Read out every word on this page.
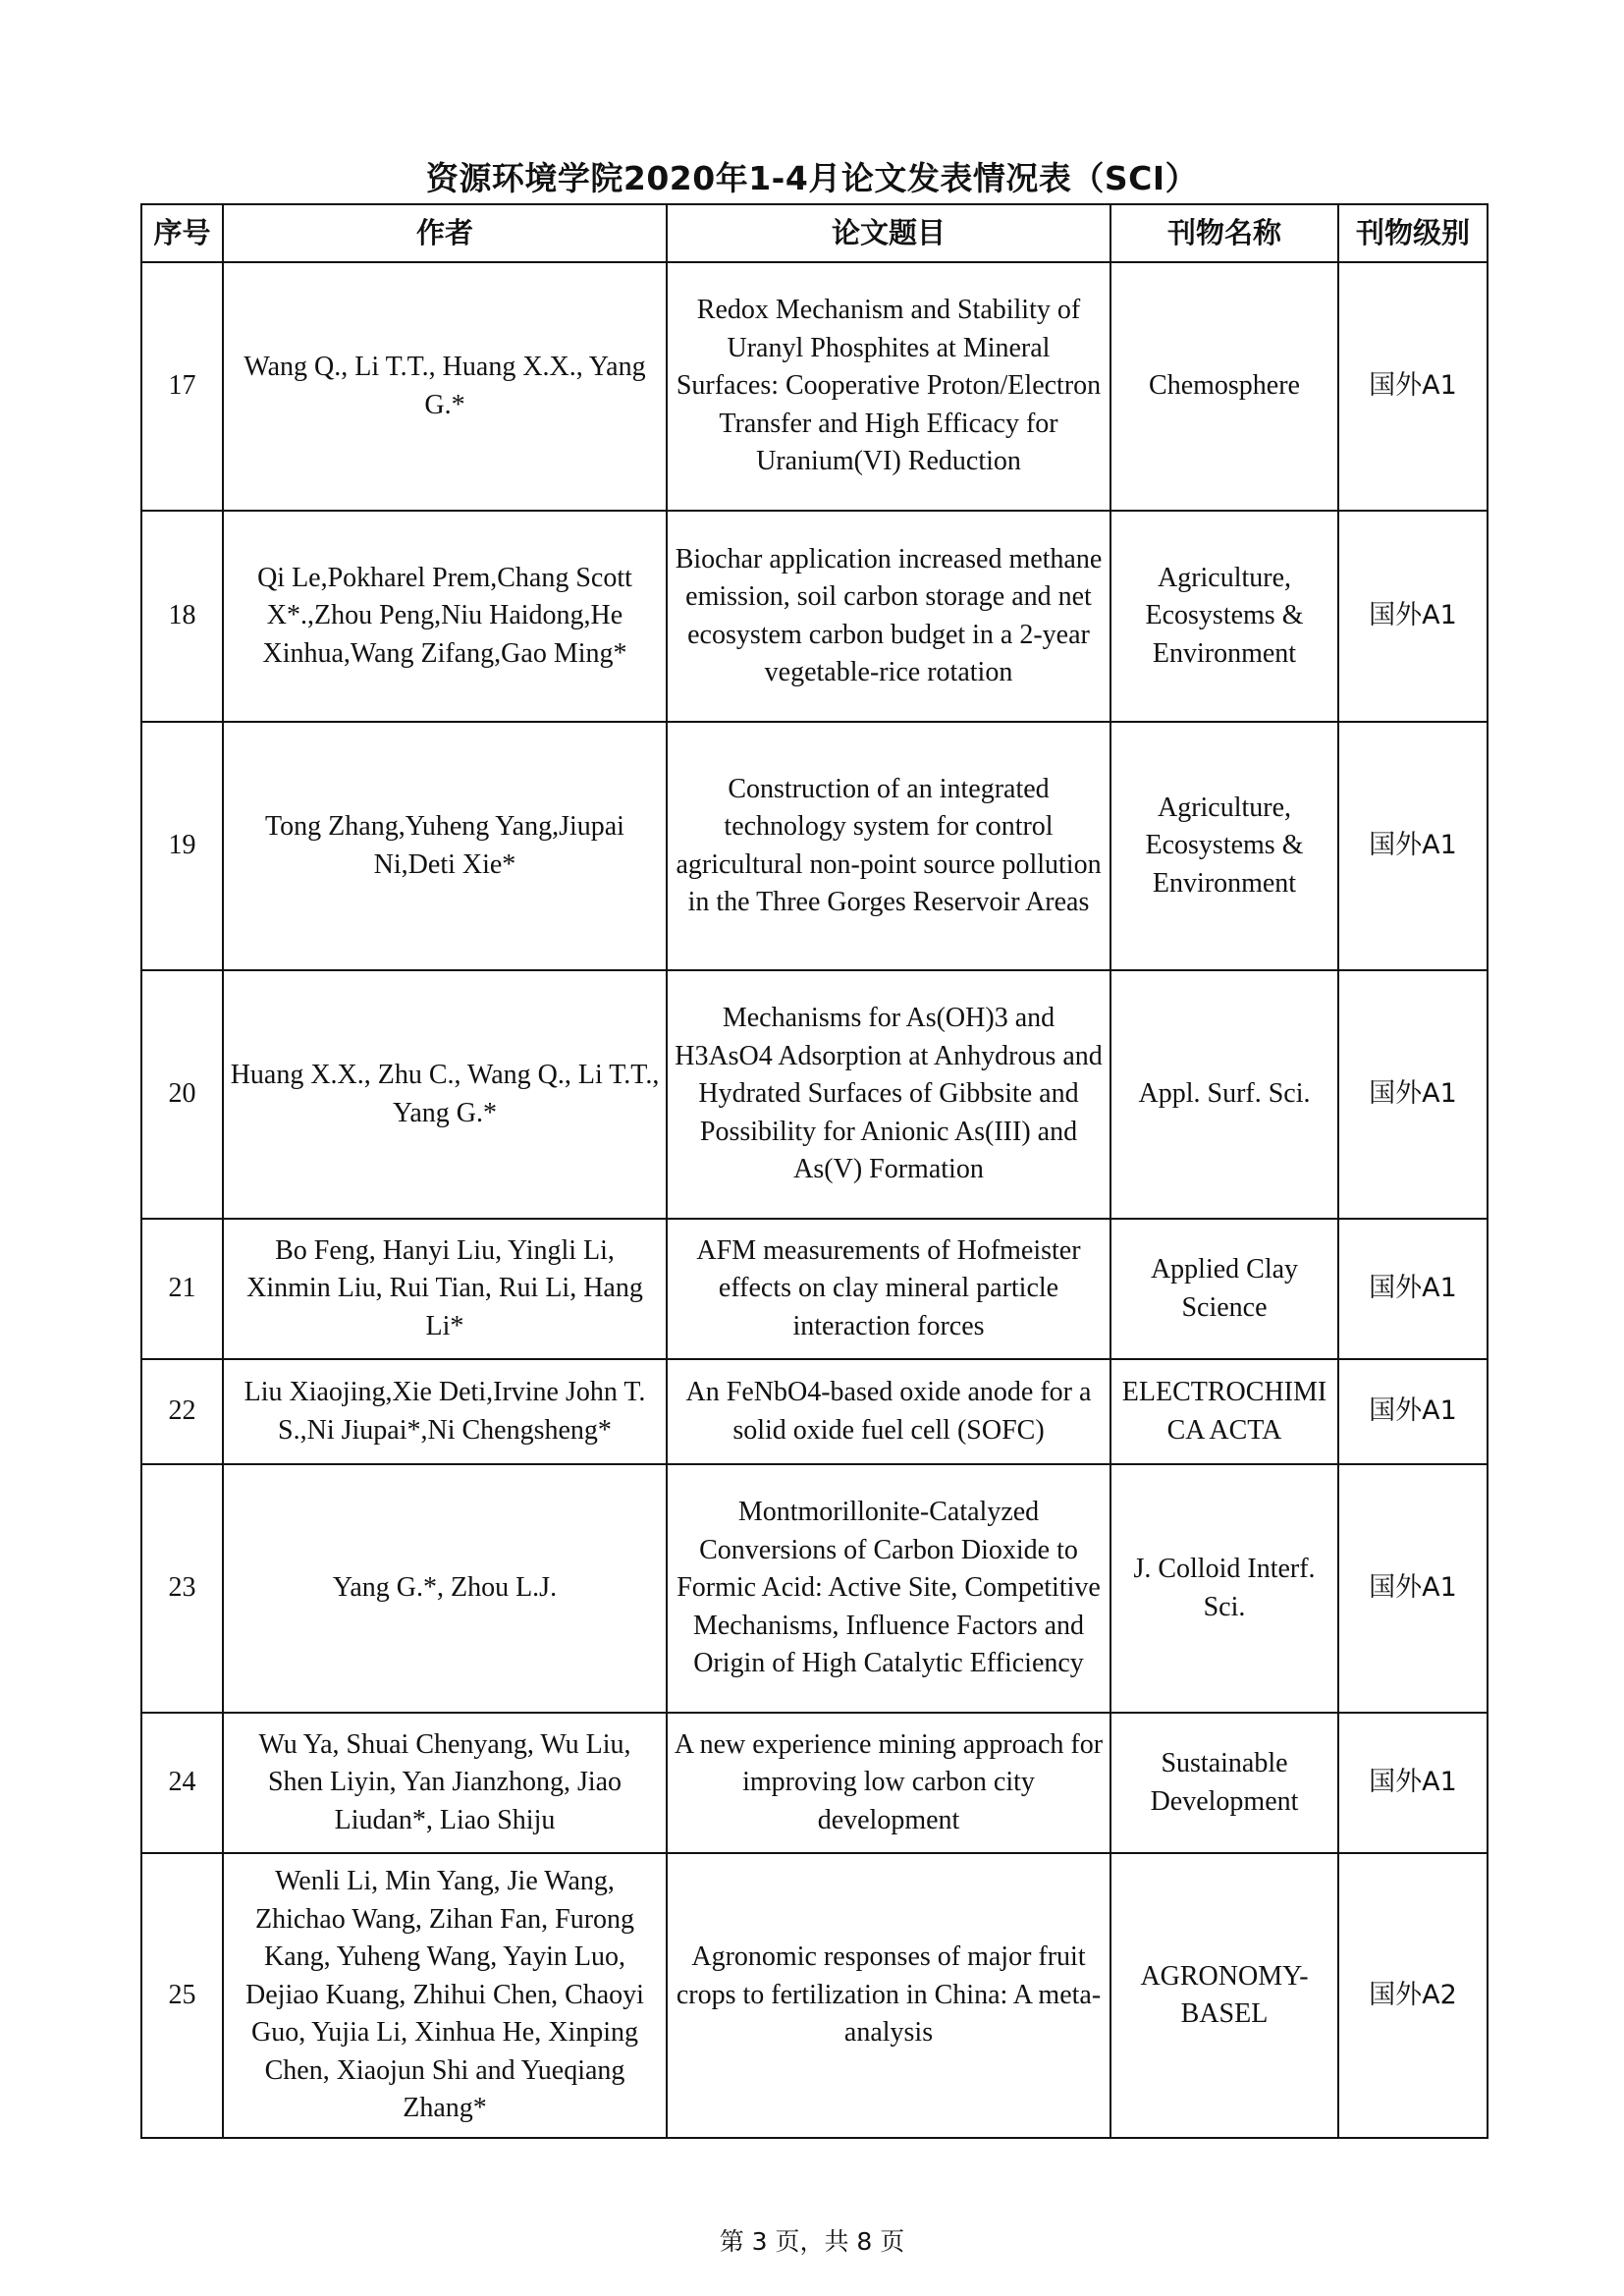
资源环境学院2020年1-4月论文发表情况表（SCI）
序号	作者	论文题目	刊物名称	刊物级别
17	Wang Q., Li T.T., Huang X.X., Yang G.*	Redox Mechanism and Stability of Uranyl Phosphites at Mineral Surfaces: Cooperative Proton/Electron Transfer and High Efficacy for Uranium(VI) Reduction	Chemosphere	国外A1
18	Qi Le,Pokharel Prem,Chang Scott X*.,Zhou Peng,Niu Haidong,He Xinhua,Wang Zifang,Gao Ming*	Biochar application increased methane emission, soil carbon storage and net ecosystem carbon budget in a 2-year vegetable-rice rotation	Agriculture, Ecosystems & Environment	国外A1
19	Tong Zhang,Yuheng Yang,Jiupai Ni,Deti Xie*	Construction of an integrated technology system for control agricultural non-point source pollution in the Three Gorges Reservoir Areas	Agriculture, Ecosystems & Environment	国外A1
20	Huang X.X., Zhu C., Wang Q., Li T.T., Yang G.*	Mechanisms for As(OH)3 and H3AsO4 Adsorption at Anhydrous and Hydrated Surfaces of Gibbsite and Possibility for Anionic As(III) and As(V) Formation	Appl. Surf. Sci.	国外A1
21	Bo Feng, Hanyi Liu, Yingli Li, Xinmin Liu, Rui Tian, Rui Li, Hang Li*	AFM measurements of Hofmeister effects on clay mineral particle interaction forces	Applied Clay Science	国外A1
22	Liu Xiaojing,Xie Deti,Irvine John T. S.,Ni Jiupai*,Ni Chengsheng*	An FeNbO4-based oxide anode for a solid oxide fuel cell (SOFC)	ELECTROCHIMICA ACTA	国外A1
23	Yang G.*, Zhou L.J.	Montmorillonite-Catalyzed Conversions of Carbon Dioxide to Formic Acid: Active Site, Competitive Mechanisms, Influence Factors and Origin of High Catalytic Efficiency	J. Colloid Interf. Sci.	国外A1
24	Wu Ya, Shuai Chenyang, Wu Liu, Shen Liyin, Yan Jianzhong, Jiao Liudan*, Liao Shiju	A new experience mining approach for improving low carbon city development	Sustainable Development	国外A1
25	Wenli Li, Min Yang, Jie Wang, Zhichao Wang, Zihan Fan, Furong Kang, Yuheng Wang, Yayin Luo, Dejiao Kuang, Zhihui Chen, Chaoyi Guo, Yujia Li, Xinhua He, Xinping Chen, Xiaojun Shi and Yueqiang Zhang*	Agronomic responses of major fruit crops to fertilization in China: A meta-analysis	AGRONOMY-BASEL	国外A2
第 3 页，共 8 页
